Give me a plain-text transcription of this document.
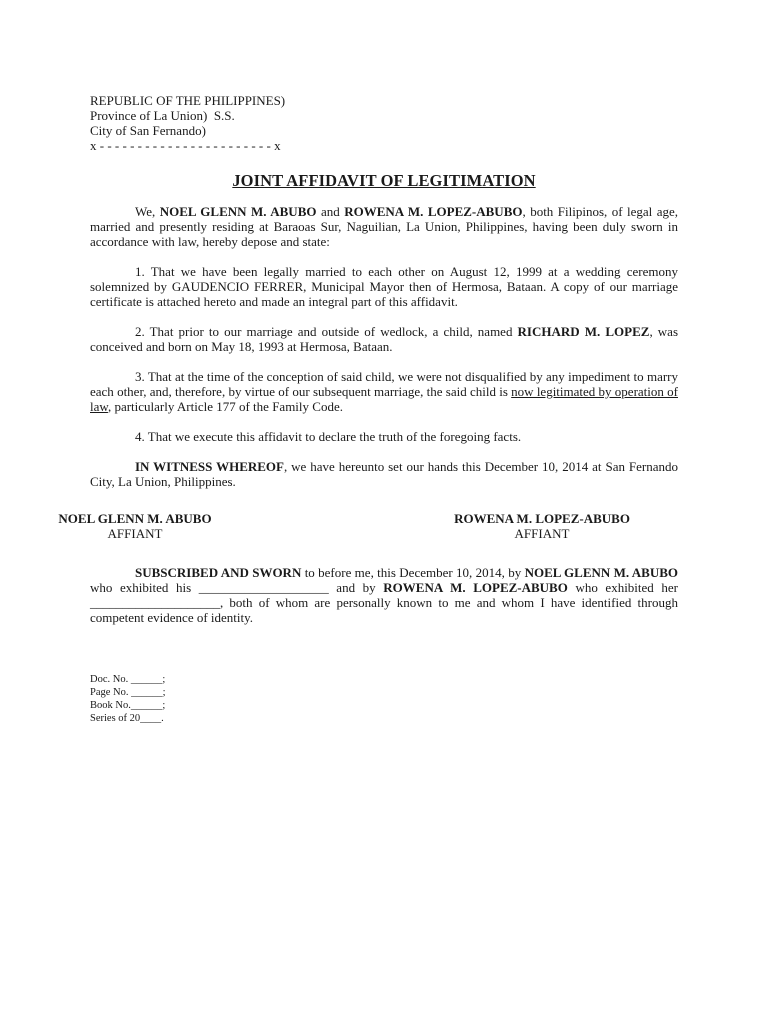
REPUBLIC OF THE PHILIPPINES)
Province of La Union)  S.S.
City of San Fernando)
x - - - - - - - - - - - - - - - - - - - - - - - x
JOINT AFFIDAVIT OF LEGITIMATION

We, NOEL GLENN M. ABUBO and ROWENA M. LOPEZ-ABUBO, both Filipinos, of legal age, married and presently residing at Baraoas Sur, Naguilian, La Union, Philippines, having been duly sworn in accordance with law, hereby depose and state:

1. That we have been legally married to each other on August 12, 1999 at a wedding ceremony solemnized by GAUDENCIO FERRER, Municipal Mayor then of Hermosa, Bataan. A copy of our marriage certificate is attached hereto and made an integral part of this affidavit.

2. That prior to our marriage and outside of wedlock, a child, named RICHARD M. LOPEZ, was conceived and born on May 18, 1993 at Hermosa, Bataan.

3. That at the time of the conception of said child, we were not disqualified by any impediment to marry each other, and, therefore, by virtue of our subsequent marriage, the said child is now legitimated by operation of law, particularly Article 177 of the Family Code.

4. That we execute this affidavit to declare the truth of the foregoing facts.

IN WITNESS WHEREOF, we have hereunto set our hands this December 10, 2014 at San Fernando City, La Union, Philippines.

NOEL GLENN M. ABUBO
AFFIANT
ROWENA M. LOPEZ-ABUBO
AFFIANT

SUBSCRIBED AND SWORN to before me, this December 10, 2014, by NOEL GLENN M. ABUBO who exhibited his ____________________ and by ROWENA M. LOPEZ-ABUBO who exhibited her ____________________, both of whom are personally known to me and whom I have identified through competent evidence of identity.

Doc. No. ______;
Page No. ______;
Book No.______;
Series of 20____.
